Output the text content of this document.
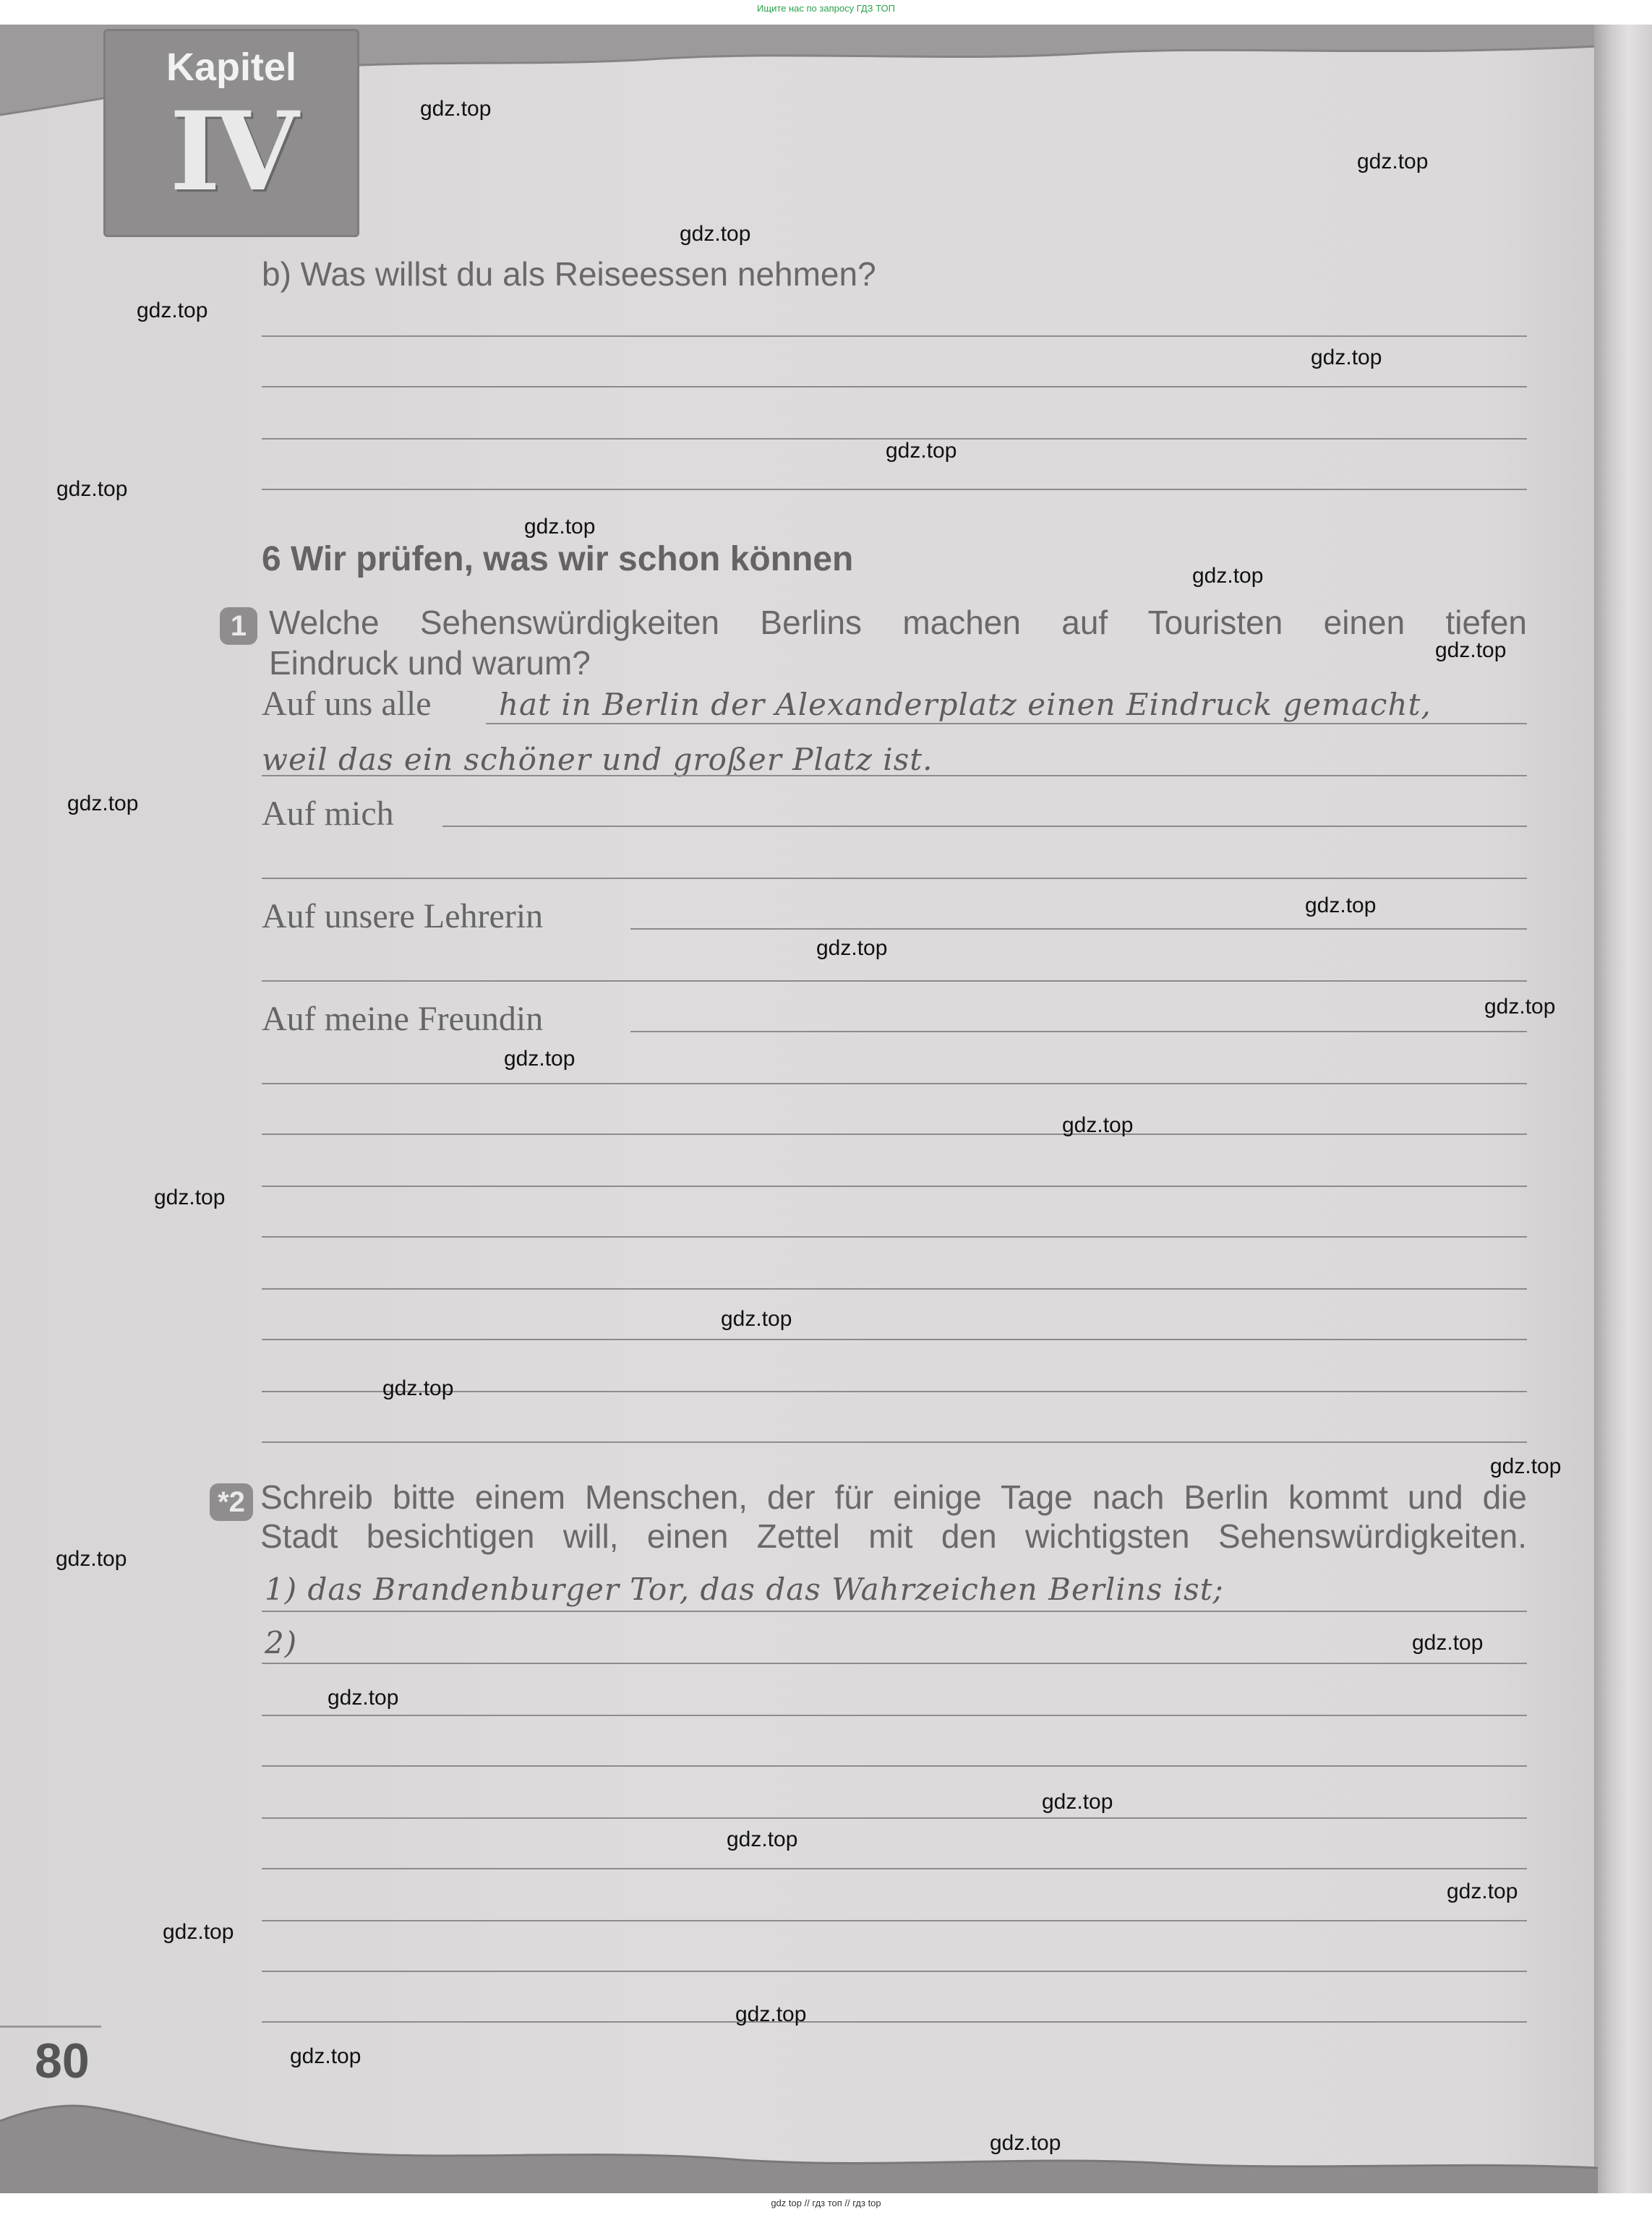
Ищите нас по запросу ГДЗ ТОП
Kapitel
IV
b) Was willst du als Reiseessen nehmen?
6 Wir prüfen, was wir schon können
1 Welche Sehenswürdigkeiten Berlins machen auf Touristen einen tiefen
Eindruck und warum?
Auf uns alle hat in Berlin der Alexanderplatz einen Eindruck gemacht,
weil das ein schöner und großer Platz ist.
Auf mich
Auf unsere Lehrerin
Auf meine Freundin
*2 Schreib bitte einem Menschen, der für einige Tage nach Berlin kommt und die
Stadt besichtigen will, einen Zettel mit den wichtigsten Sehenswürdigkeiten.
1) das Brandenburger Tor, das das Wahrzeichen Berlins ist;
2)
80
gdz.top
gdz.top
gdz.top
gdz.top
gdz.top
gdz.top
gdz.top
gdz.top
gdz.top
gdz.top
gdz.top
gdz.top
gdz.top
gdz.top
gdz.top
gdz.top
gdz.top
gdz.top
gdz.top
gdz.top
gdz.top
gdz.top
gdz.top
gdz.top
gdz.top
gdz.top
gdz.top
gdz.top
gdz.top
gdz.top
gdz top // гдз топ // гдз top
